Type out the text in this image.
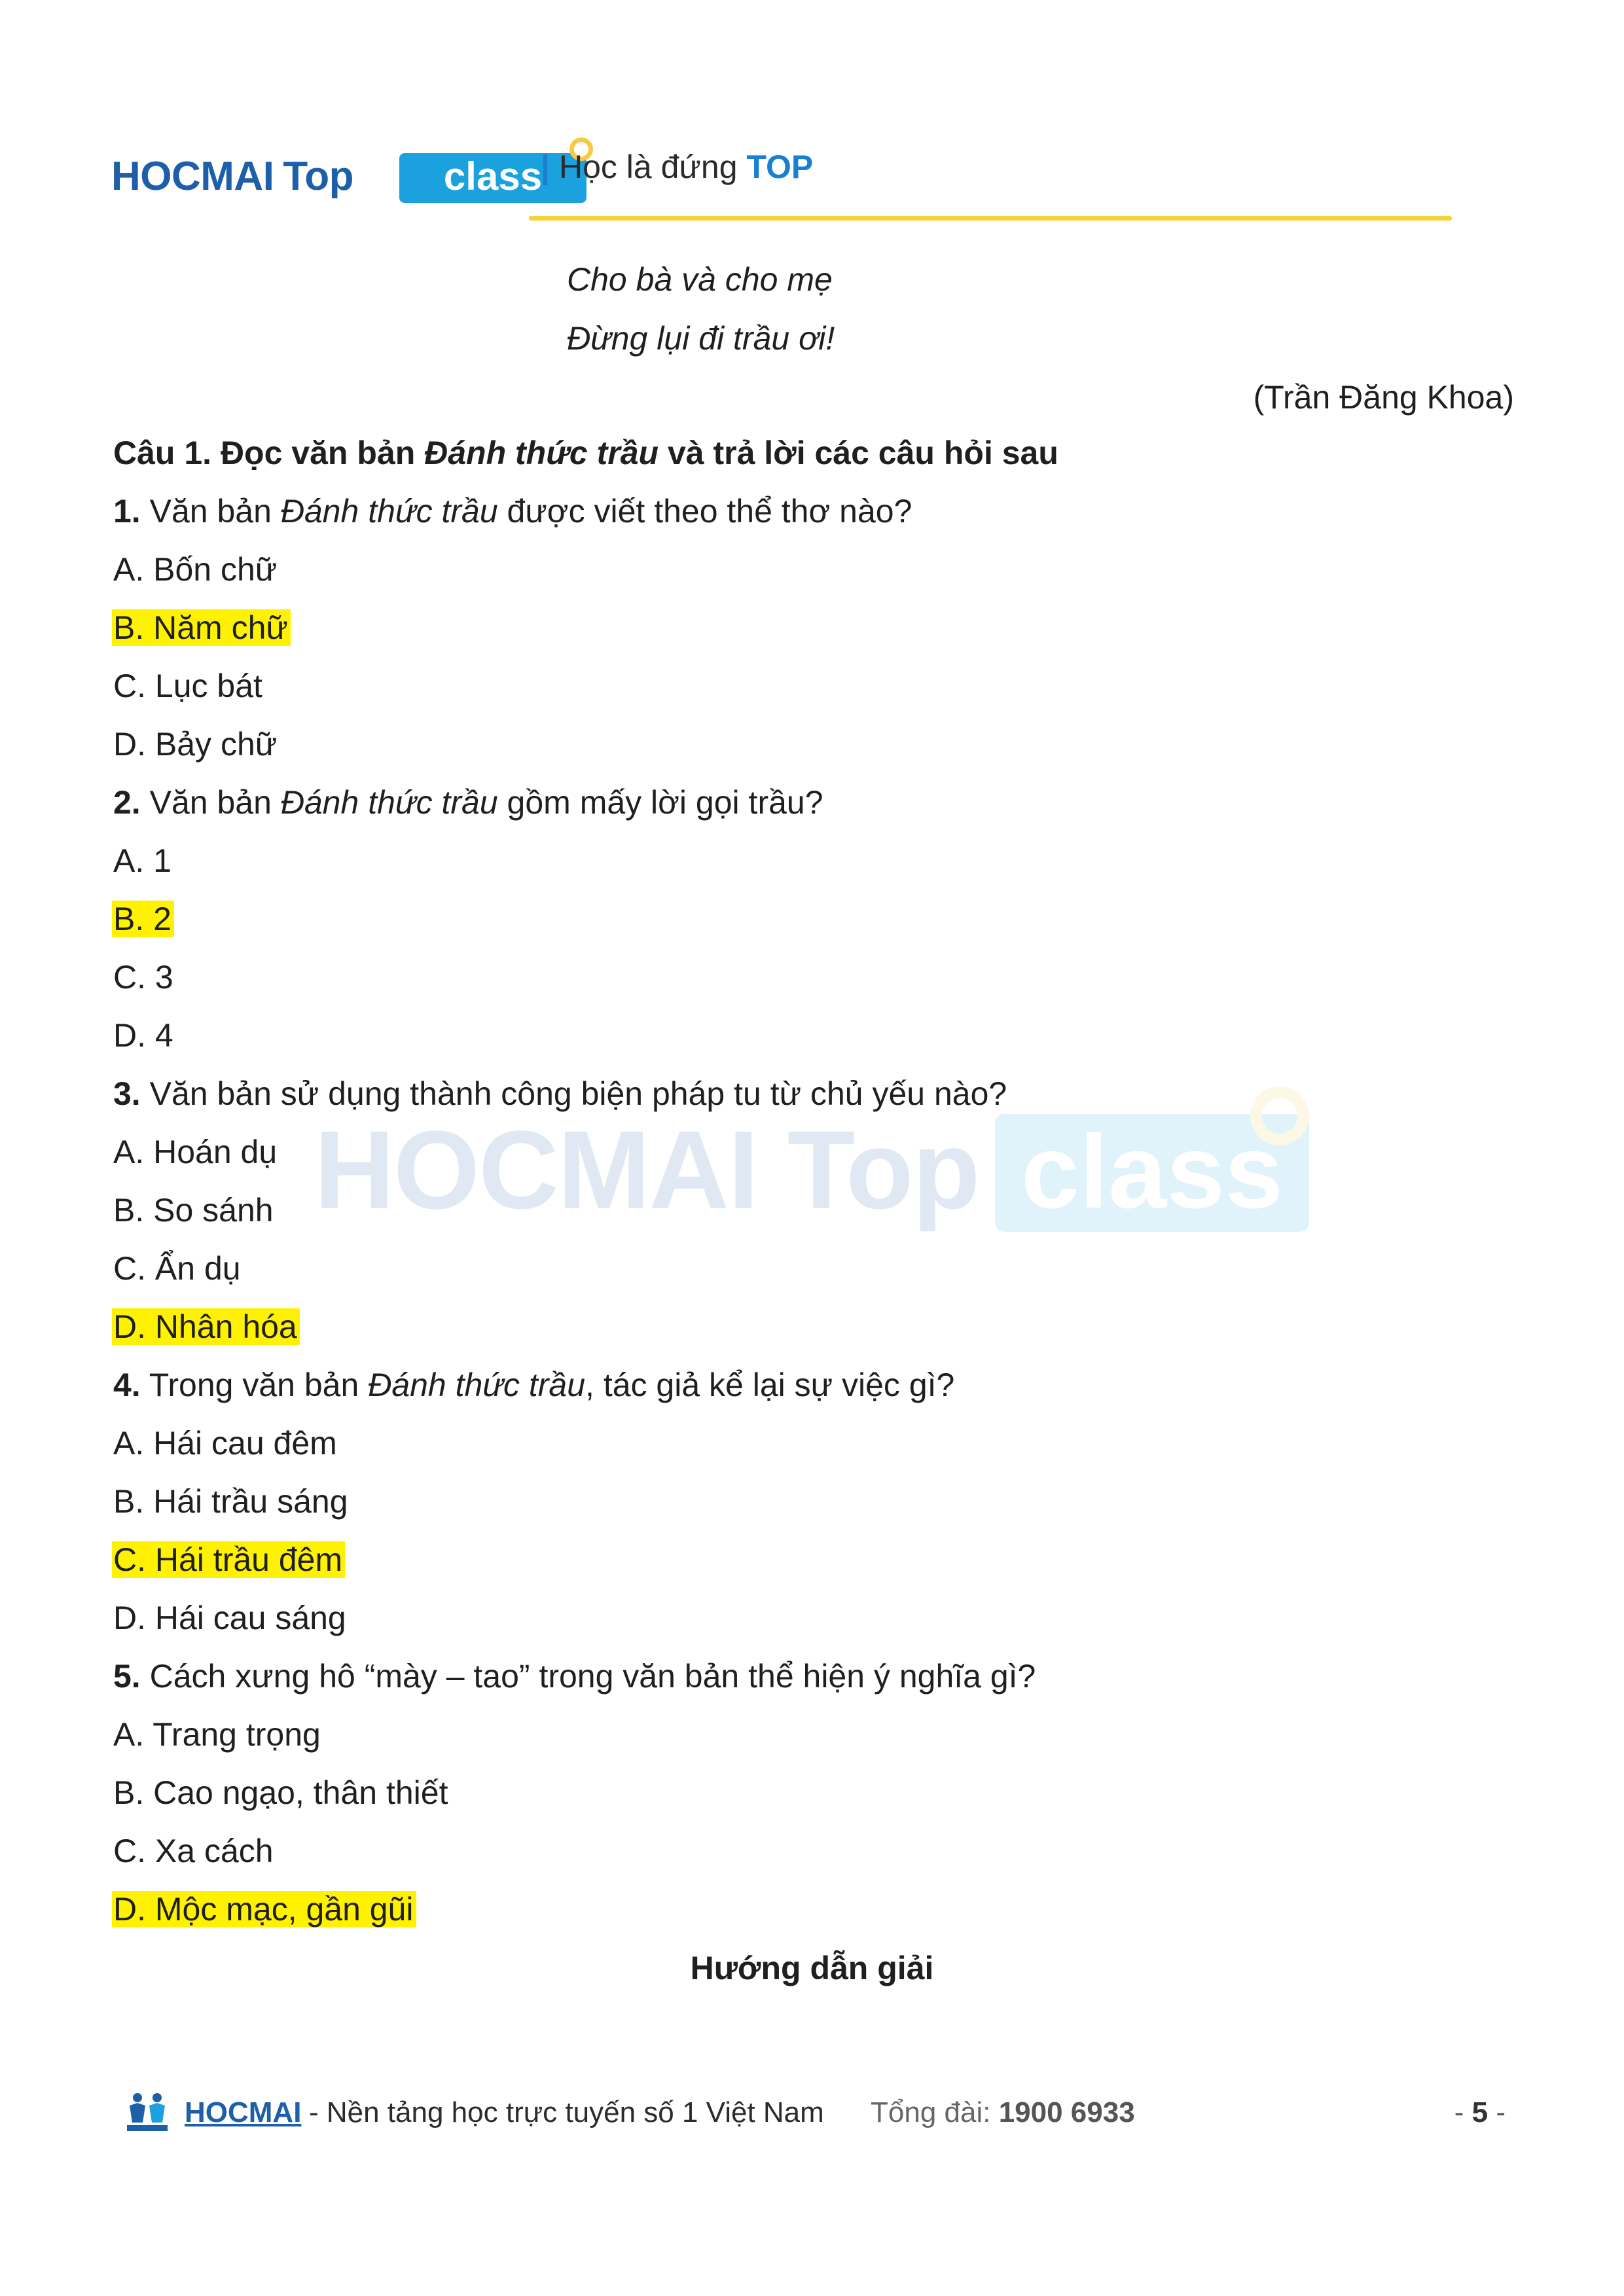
HOCMAI Top	class
| Học là đứng TOP
HOCMAI Top class
Cho bà và cho mẹ
Đừng lụi đi trầu ơi!
(Trần Đăng Khoa)
Câu 1. Đọc văn bản Đánh thức trầu và trả lời các câu hỏi sau
1. Văn bản Đánh thức trầu được viết theo thể thơ nào?
A. Bốn chữ
B. Năm chữ
C. Lục bát
D. Bảy chữ
2. Văn bản Đánh thức trầu gồm mấy lời gọi trầu?
A. 1
B. 2
C. 3
D. 4
3. Văn bản sử dụng thành công biện pháp tu từ chủ yếu nào?
A. Hoán dụ
B. So sánh
C. Ẩn dụ
D. Nhân hóa
4. Trong văn bản Đánh thức trầu, tác giả kể lại sự việc gì?
A. Hái cau đêm
B. Hái trầu sáng
C. Hái trầu đêm
D. Hái cau sáng
5. Cách xưng hô “mày – tao” trong văn bản thể hiện ý nghĩa gì?
A. Trang trọng
B. Cao ngạo, thân thiết
C. Xa cách
D. Mộc mạc, gần gũi
Hướng dẫn giải
HOCMAI - Nền tảng học trực tuyến số 1 Việt Nam Tổng đài: 1900 6933	- 5 -
